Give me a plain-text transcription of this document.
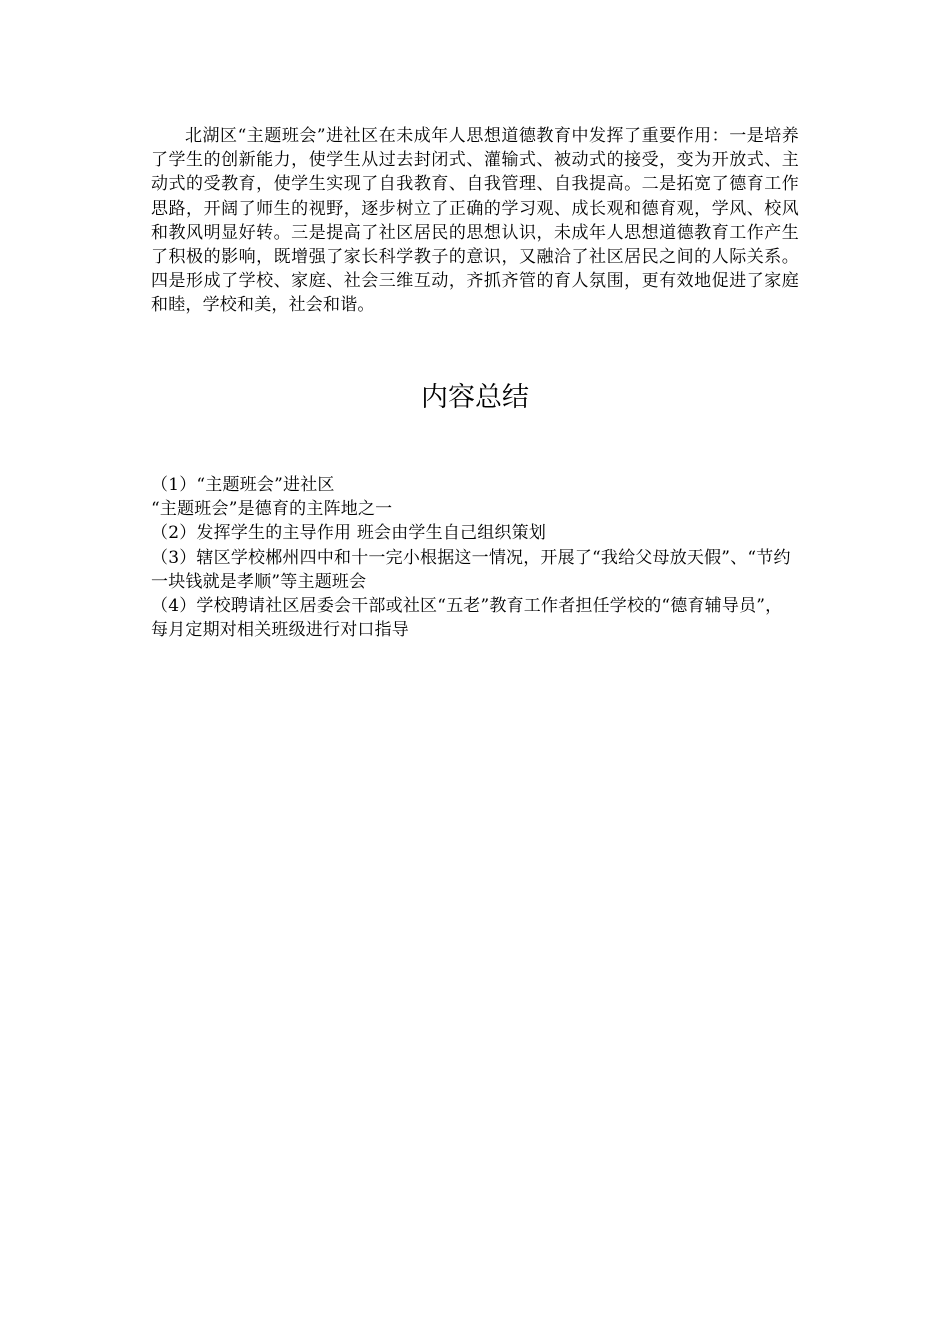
北湖区“主题班会”进社区在未成年人思想道德教育中发挥了重要作用：一是培养了学生的创新能力，使学生从过去封闭式、灌输式、被动式的接受，变为开放式、主动式的受教育，使学生实现了自我教育、自我管理、自我提高。二是拓宽了德育工作思路，开阔了师生的视野，逐步树立了正确的学习观、成长观和德育观，学风、校风和教风明显好转。三是提高了社区居民的思想认识，未成年人思想道德教育工作产生了积极的影响，既增强了家长科学教子的意识，又融洽了社区居民之间的人际关系。四是形成了学校、家庭、社会三维互动，齐抓齐管的育人氛围，更有效地促进了家庭和睦，学校和美，社会和谐。

内容总结
（1）“主题班会”进社区
“主题班会”是德育的主阵地之一
（2）发挥学生的主导作用 班会由学生自己组织策划
（3）辖区学校郴州四中和十一完小根据这一情况，开展了“我给父母放天假”、“节约一块钱就是孝顺”等主题班会
（4）学校聘请社区居委会干部或社区“五老”教育工作者担任学校的“德育辅导员”，每月定期对相关班级进行对口指导
